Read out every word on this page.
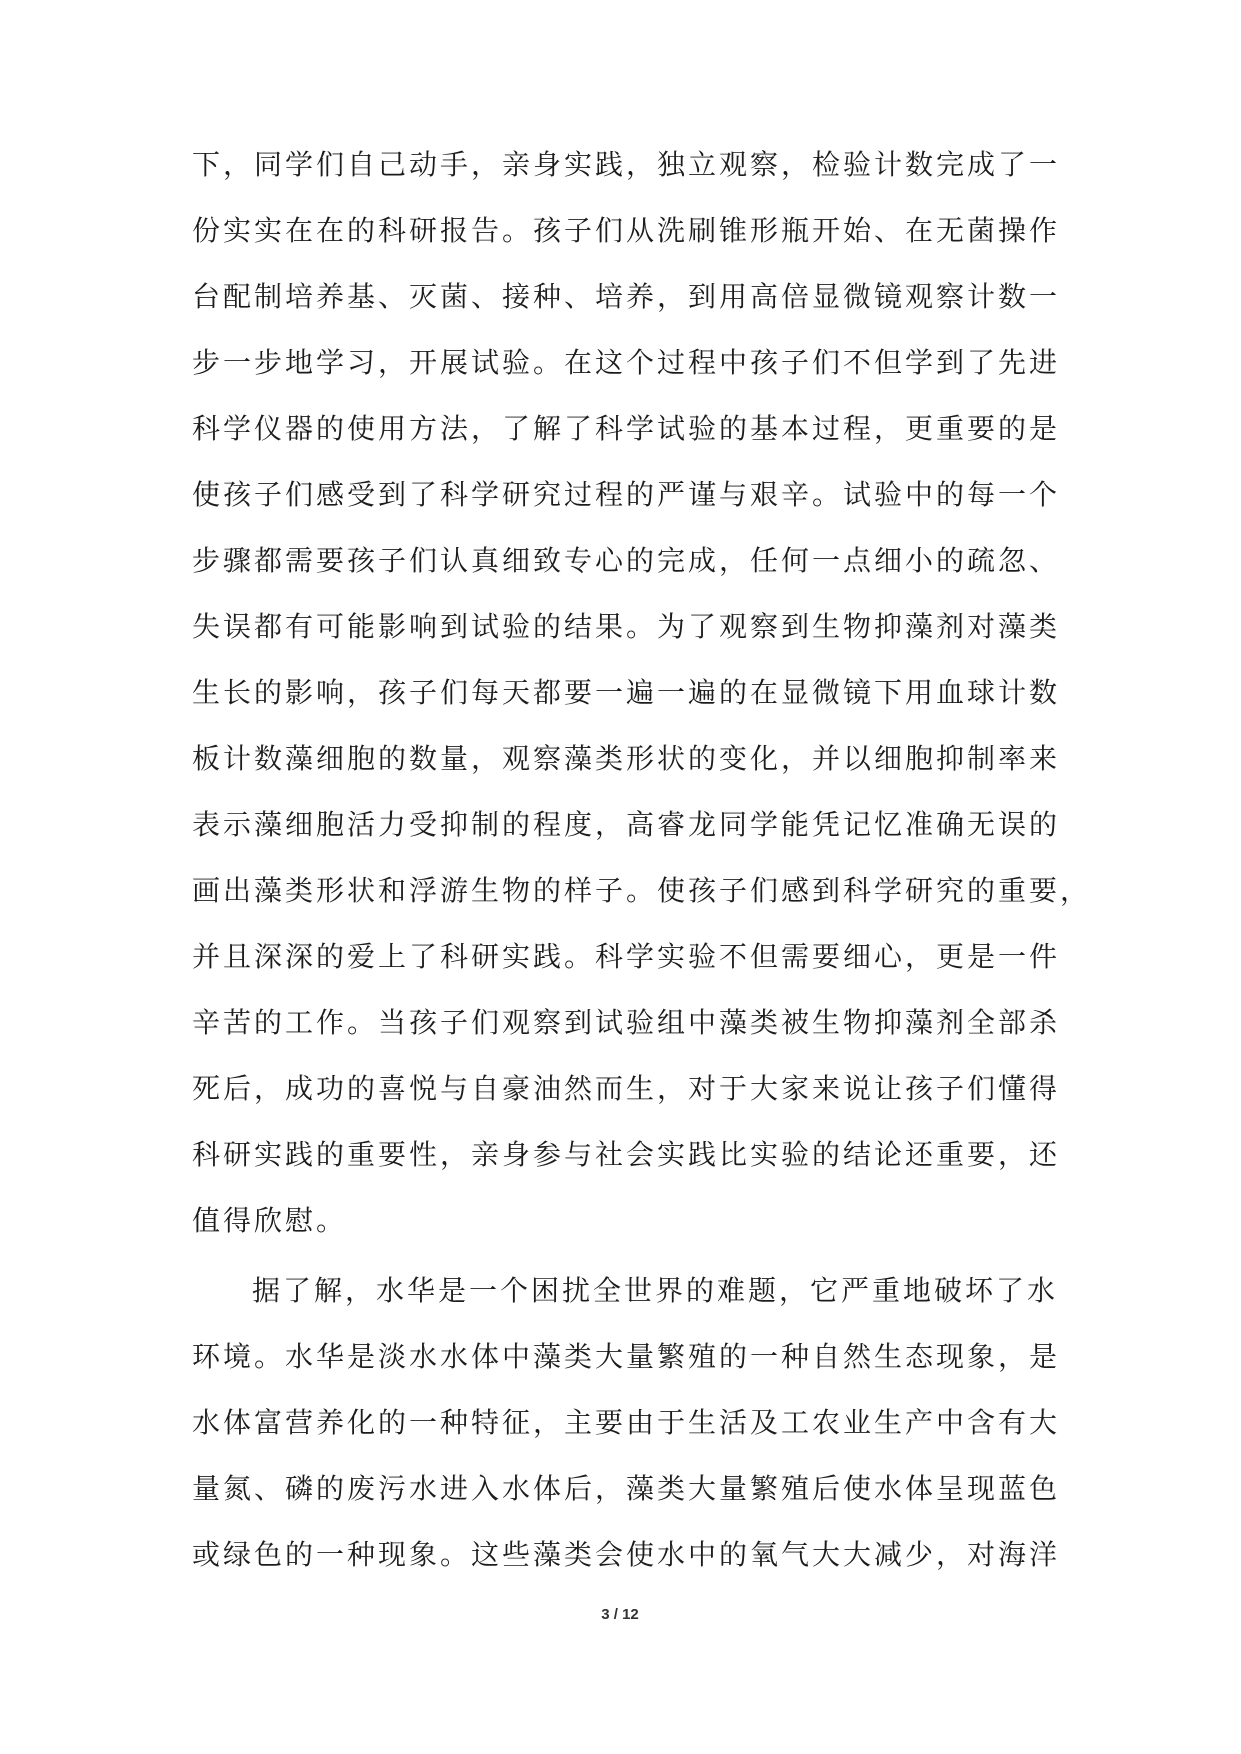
下，同学们自己动手，亲身实践，独立观察，检验计数完成了一
份实实在在的科研报告。孩子们从洗刷锥形瓶开始、在无菌操作
台配制培养基、灭菌、接种、培养，到用高倍显微镜观察计数一
步一步地学习，开展试验。在这个过程中孩子们不但学到了先进
科学仪器的使用方法，了解了科学试验的基本过程，更重要的是
使孩子们感受到了科学研究过程的严谨与艰辛。试验中的每一个
步骤都需要孩子们认真细致专心的完成，任何一点细小的疏忽、
失误都有可能影响到试验的结果。为了观察到生物抑藻剂对藻类
生长的影响，孩子们每天都要一遍一遍的在显微镜下用血球计数
板计数藻细胞的数量，观察藻类形状的变化，并以细胞抑制率来
表示藻细胞活力受抑制的程度，高睿龙同学能凭记忆准确无误的
画出藻类形状和浮游生物的样子。使孩子们感到科学研究的重要，
并且深深的爱上了科研实践。科学实验不但需要细心，更是一件
辛苦的工作。当孩子们观察到试验组中藻类被生物抑藻剂全部杀
死后，成功的喜悦与自豪油然而生，对于大家来说让孩子们懂得
科研实践的重要性，亲身参与社会实践比实验的结论还重要，还
值得欣慰。
据了解，水华是一个困扰全世界的难题，它严重地破坏了水
环境。水华是淡水水体中藻类大量繁殖的一种自然生态现象，是
水体富营养化的一种特征，主要由于生活及工农业生产中含有大
量氮、磷的废污水进入水体后，藻类大量繁殖后使水体呈现蓝色
或绿色的一种现象。这些藻类会使水中的氧气大大减少，对海洋
3 / 12
